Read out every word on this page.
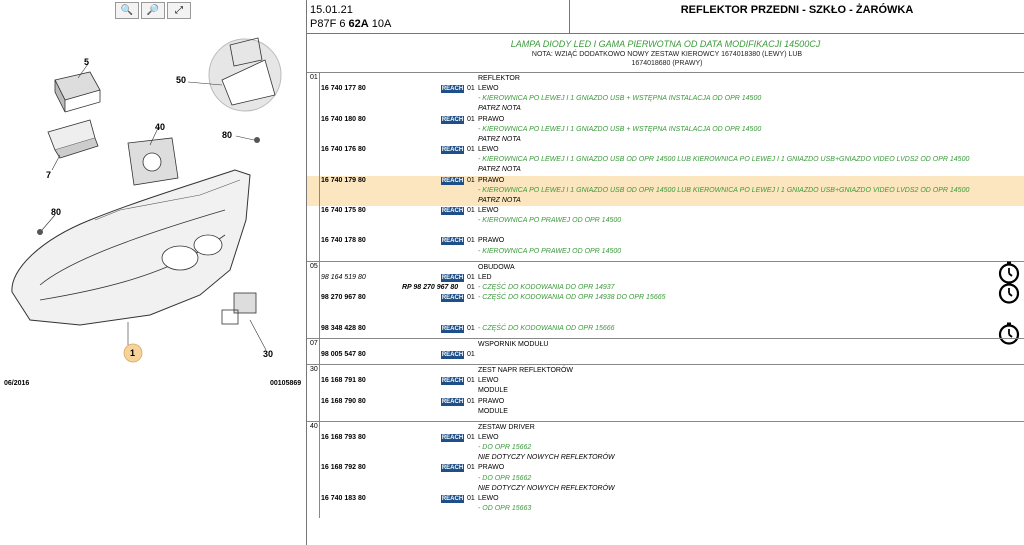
🔍	🔎	⤢
5
50
40
80
7
80
1	30
06/2016	00105869
15.01.21
P87F 6 62A 10A
REFLEKTOR PRZEDNI - SZKŁO - ŻARÓWKA
LAMPA DIODY LED I GAMA PIERWOTNA OD DATA MODIFIKACJI 14500CJ
NOTA: WZIĄĆ DODATKOWO NOWY ZESTAW KIEROWCY 1674018380 (LEWY) LUB
1674018680 (PRAWY)
01	REFLEKTOR
16 740 177 80	REACH 01 LEWO
- KIEROWNICA PO LEWEJ I 1 GNIAZDO USB + WSTĘPNA INSTALACJA OD OPR 14500
PATRZ NOTA
16 740 180 80	REACH 01 PRAWO
- KIEROWNICA PO LEWEJ I 1 GNIAZDO USB + WSTĘPNA INSTALACJA OD OPR 14500
PATRZ NOTA
16 740 176 80	REACH 01 LEWO
- KIEROWNICA PO LEWEJ I 1 GNIAZDO USB OD OPR 14500 LUB KIEROWNICA PO LEWEJ I 1 GNIAZDO USB+GNIAZDO VIDEO LVDS2 OD OPR 14500
PATRZ NOTA
16 740 179 80	REACH 01 PRAWO
- KIEROWNICA PO LEWEJ I 1 GNIAZDO USB OD OPR 14500 LUB KIEROWNICA PO LEWEJ I 1 GNIAZDO USB+GNIAZDO VIDEO LVDS2 OD OPR 14500
PATRZ NOTA
16 740 175 80	REACH 01 LEWO
- KIEROWNICA PO PRAWEJ OD OPR 14500
16 740 178 80	REACH 01 PRAWO
- KIEROWNICA PO PRAWEJ OD OPR 14500
05	OBUDOWA
98 164 519 80	REACH 01 LED
RP 98 270 967 80 01 - CZĘŚĆ DO KODOWANIA DO OPR 14937
98 270 967 80	REACH 01 - CZĘŚĆ DO KODOWANIA OD OPR 14938 DO OPR 15665
98 348 428 80	REACH 01 - CZĘŚĆ DO KODOWANIA OD OPR 15666
07	WSPORNIK MODUŁU
98 005 547 80	REACH 01
30	ZEST NAPR REFLEKTORÓW
16 168 791 80	REACH 01 LEWO
MODULE
16 168 790 80	REACH 01 PRAWO
MODULE
40	ZESTAW DRIVER
16 168 793 80	REACH 01 LEWO
- DO OPR 15662
NIE DOTYCZY NOWYCH REFLEKTORÓW
16 168 792 80	REACH 01 PRAWO
- DO OPR 15662
NIE DOTYCZY NOWYCH REFLEKTORÓW
16 740 183 80	REACH 01 LEWO
- OD OPR 15663
